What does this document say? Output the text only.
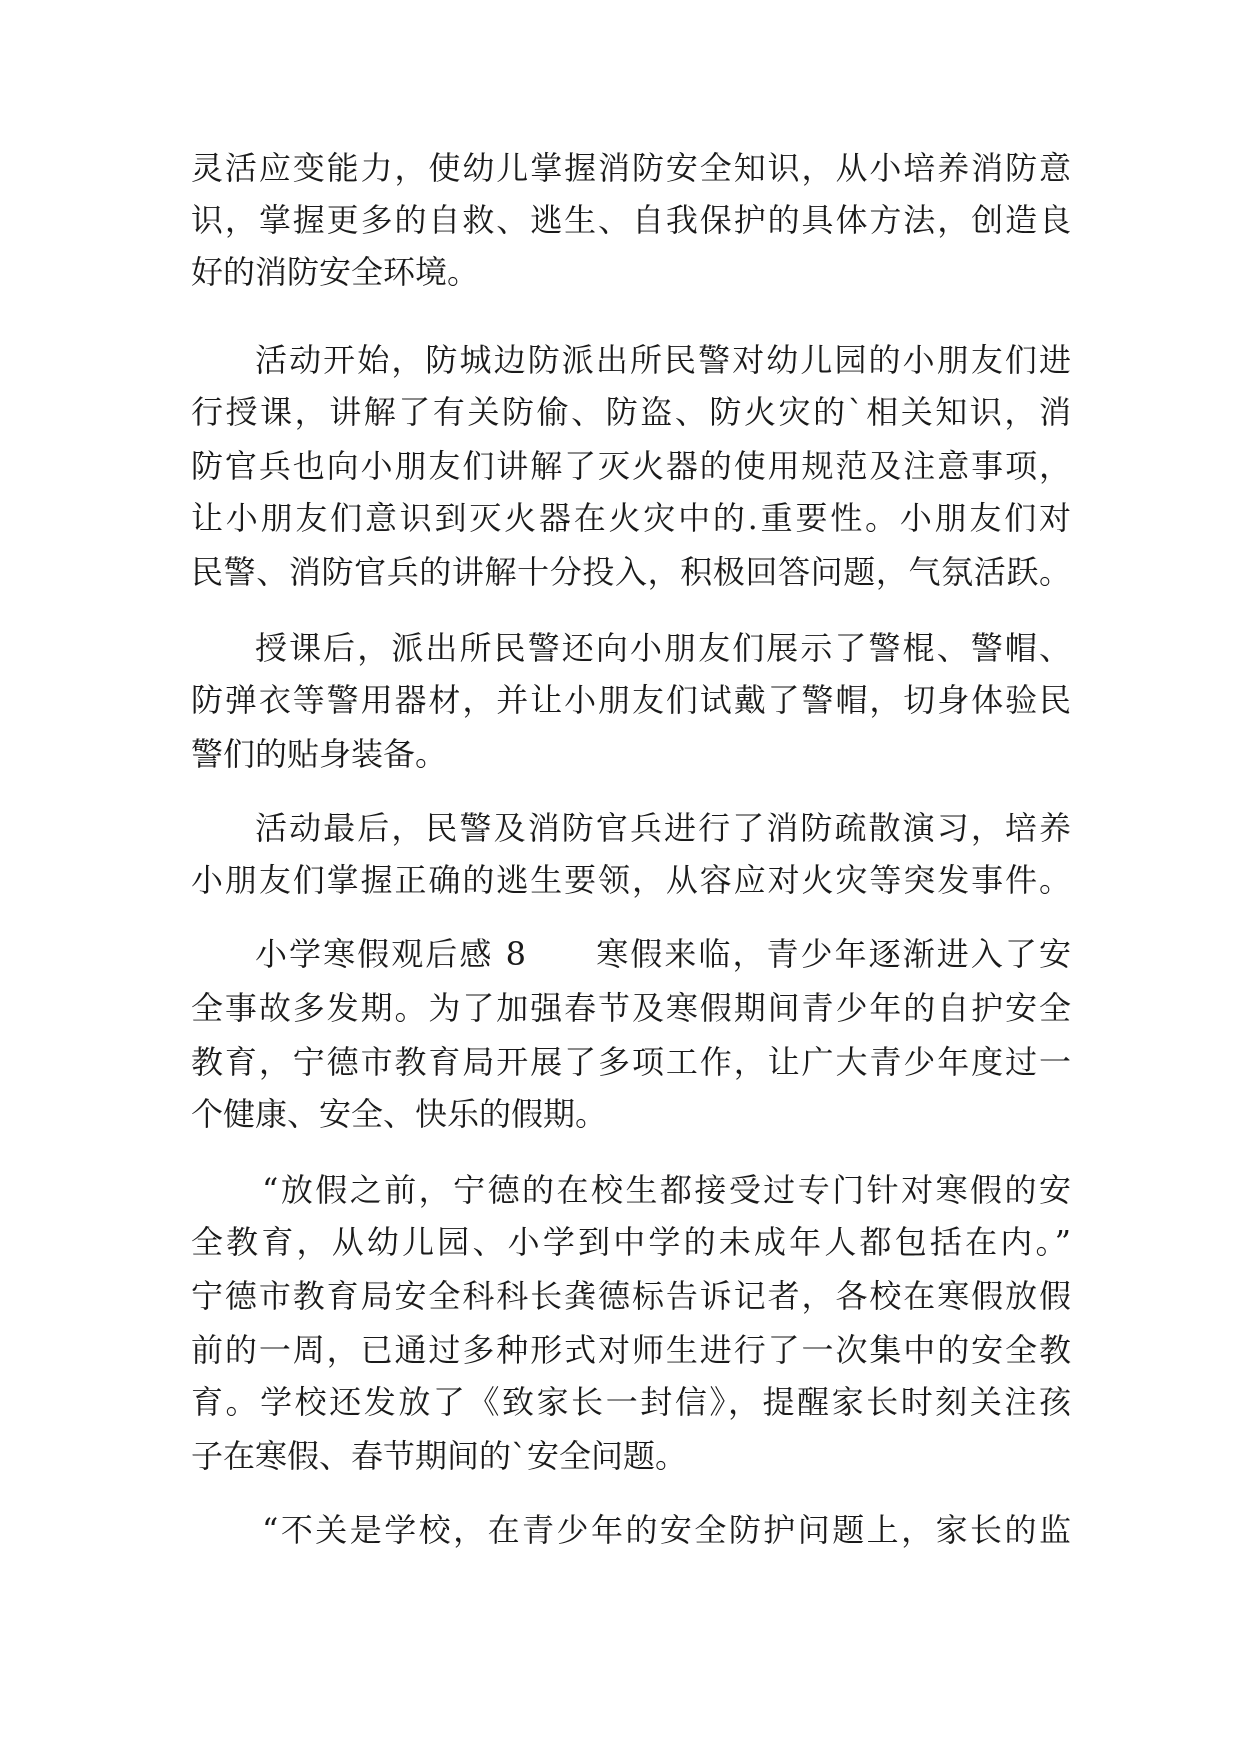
灵活应变能力，使幼儿掌握消防安全知识，从小培养消防意
识，掌握更多的自救、逃生、自我保护的具体方法，创造良
好的消防安全环境。
活动开始，防城边防派出所民警对幼儿园的小朋友们进
行授课，讲解了有关防偷、防盗、防火灾的`相关知识，消
防官兵也向小朋友们讲解了灭火器的使用规范及注意事项，
让小朋友们意识到灭火器在火灾中的.重要性。小朋友们对
民警、消防官兵的讲解十分投入，积极回答问题，气氛活跃。
授课后，派出所民警还向小朋友们展示了警棍、警帽、
防弹衣等警用器材，并让小朋友们试戴了警帽，切身体验民
警们的贴身装备。
活动最后，民警及消防官兵进行了消防疏散演习，培养
小朋友们掌握正确的逃生要领，从容应对火灾等突发事件。
小学寒假观后感 8　　寒假来临，青少年逐渐进入了安
全事故多发期。为了加强春节及寒假期间青少年的自护安全
教育，宁德市教育局开展了多项工作，让广大青少年度过一
个健康、安全、快乐的假期。
“放假之前，宁德的在校生都接受过专门针对寒假的安
全教育，从幼儿园、小学到中学的未成年人都包括在内。”
宁德市教育局安全科科长龚德标告诉记者，各校在寒假放假
前的一周，已通过多种形式对师生进行了一次集中的安全教
育。学校还发放了《致家长一封信》，提醒家长时刻关注孩
子在寒假、春节期间的`安全问题。
“不关是学校，在青少年的安全防护问题上，家长的监
